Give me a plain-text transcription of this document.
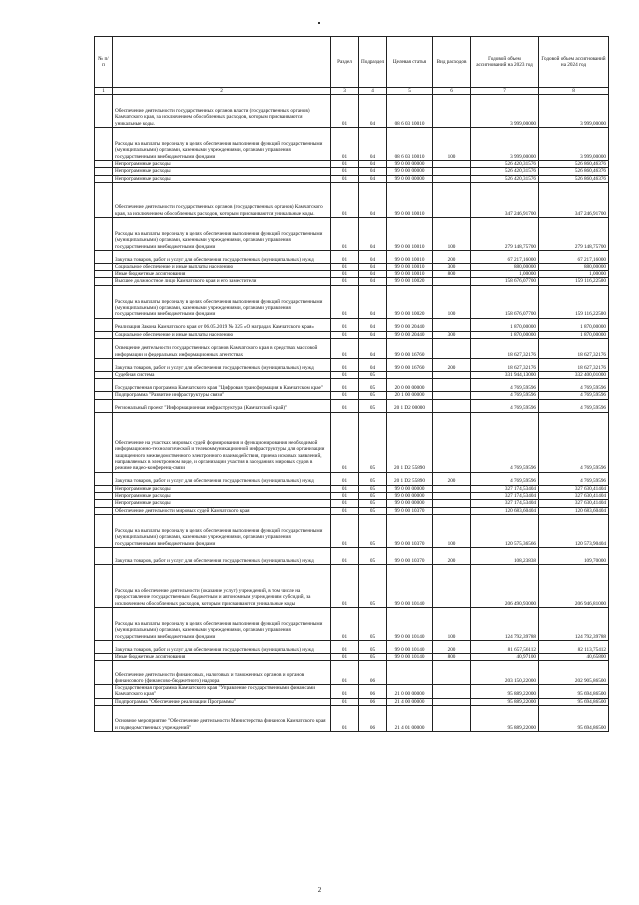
№ п/п		Раздел	Подраздел	Целевая статья	Вид расходов	Годовой объем ассигнований на 2023 год	Годовой объем ассигнований на 2024 год
1	2	3	4	5	6	7	8
	Обеспечение деятельности государственных органов власти (государственных органов) Камчатского края, за исключением обособленных расходов, которым присваиваются уникальные коды.	01	04	08 6 03 10010		3 999,00000	3 999,00000
	Расходы на выплаты персоналу в целях обеспечения выполнения функций государственными (муниципальными) органами, казенными учреждениями, органами управления государственными внебюджетными фондами	01	04	08 6 03 10010	100	3 999,00000	3 999,00000
	Непрограммные расходы	01	04	99 0 00 00000		526 420,31576	526 860,46376
	Непрограммные расходы	01	04	99 0 00 00000		526 420,31576	526 860,46376
	Непрограммные расходы	01	04	99 0 00 00000		526 420,31576	526 860,46376
	Обеспечение деятельности государственных органов (государственных органов) Камчатского края, за исключением обособленных расходов, которым присваиваются уникальные коды.	01	04	99 0 00 10010		347 246,91700	347 246,91700
	Расходы на выплаты персоналу в целях обеспечения выполнения функций государственными (муниципальными) органами, казенными учреждениями, органами управления государственными внебюджетными фондами	01	04	99 0 00 10010	100	279 148,75700	279 148,75700
	Закупка товаров, работ и услуг для обеспечения государственных (муниципальных) нужд	01	04	99 0 00 10010	200	67 217,16000	67 217,16000
	Социальное обеспечение и иные выплаты населению	01	04	99 0 00 10010	300	880,00000	880,00000
	Иные бюджетные ассигнования	01	04	99 0 00 10010	800	1,00000	1,00000
	Высшее должностное лицо Камчатского края и его заместители	01	04	99 0 00 10020		158 676,07700	159 116,22500
	Расходы на выплаты персоналу в целях обеспечения выполнения функций государственными (муниципальными) органами, казенными учреждениями, органами управления государственными внебюджетными фондами	01	04	99 0 00 10020	100	158 676,07700	159 116,22500
	Реализация Закона Камчатского края от 06.05.2019 № 325 «О наградах Камчатского края»	01	04	99 0 00 20440		1 870,00000	1 870,00000
	Социальное обеспечение и иные выплаты населению	01	04	99 0 00 20440	300	1 870,00000	1 870,00000
	Освещение деятельности государственных органов Камчатского края в средствах массовой информации и федеральных информационных агентствах	01	04	99 0 00 16760		18 627,32176	18 627,32176
	Закупка товаров, работ и услуг для обеспечения государственных (муниципальных) нужд	01	04	99 0 00 16760	200	18 627,32176	18 627,32176
	Судебная система	01	05			331 944,13000	332 400,01000
	Государственная программа Камчатского края "Цифровая трансформация в Камчатском крае"	01	05	20 0 00 00000		4 769,59596	4 769,59596
	Подпрограмма "Развитие инфраструктуры связи"	01	05	20 1 00 00000		4 769,59596	4 769,59596
	Региональный проект "Информационная инфраструктура (Камчатский край)"	01	05	20 1 D2 00000		4 769,59596	4 769,59596
	Обеспечение на участках мировых судей формирования и функционирования необходимой информационно-технологической и телекоммуникационной инфраструктуры для организации защищенного межведомственного электронного взаимодействия, приема исковых заявлений, направляемых в электронном виде, и организации участия в заседаниях мировых судов в режиме видео-конференц-связи	01	05	20 1 D2 55890		4 769,59596	4 769,59596
	Закупка товаров, работ и услуг для обеспечения государственных (муниципальных) нужд	01	05	20 1 D2 55890	200	4 769,59596	4 769,59596
	Непрограммные расходы	01	05	99 0 00 00000		327 174,53404	327 630,41404
	Непрограммные расходы	01	05	99 0 00 00000		327 174,53404	327 630,41404
	Непрограммные расходы	01	05	99 0 00 00000		327 174,53404	327 630,41404
	Обеспечение деятельности мировых судей Камчатского края	01	05	99 0 00 10370		120 683,60404	120 683,60404
	Расходы на выплаты персоналу в целях обеспечения выполнения функций государственными (муниципальными) органами, казенными учреждениями, органами управления государственными внебюджетными фондами	01	05	99 0 00 10370	100	120 575,36566	120 573,90404
	Закупка товаров, работ и услуг для обеспечения государственных (муниципальных) нужд	01	05	99 0 00 10370	200	108,23838	109,70000
	Расходы на обеспечение деятельности (оказание услуг) учреждений, в том числе на предоставление государственным бюджетным и автономным учреждениям субсидий, за исключением обособленных расходов, которым присваиваются уникальные коды	01	05	99 0 00 10140		206 490,93000	206 946,81000
	Расходы на выплаты персоналу в целях обеспечения выполнения функций государственными (муниципальными) органами, казенными учреждениями, органами управления государственными внебюджетными фондами	01	05	99 0 00 10140	100	124 792,39788	124 792,39788
	Закупка товаров, работ и услуг для обеспечения государственных (муниципальных) нужд	01	05	99 0 00 10140	200	81 657,56112	82 113,75412
	Иные бюджетные ассигнования	01	05	99 0 00 10140	800	40,97100	40,65800
	Обеспечение деятельности финансовых, налоговых и таможенных органов и органов финансового (финансово-бюджетного) надзора	01	06			203 150,22000	202 905,86500
	Государственная программа Камчатского края "Управление государственными финансами Камчатского края"	01	06	21 0 00 00000		95 889,22000	95 694,86500
	Подпрограмма "Обеспечение реализации Программы"	01	06	21 4 00 00000		95 889,22000	95 694,86500
	Основное мероприятие "Обеспечение деятельности Министерства финансов Камчатского края и подведомственных учреждений"	01	06	21 4 01 00000		95 889,22000	95 694,86500
2
